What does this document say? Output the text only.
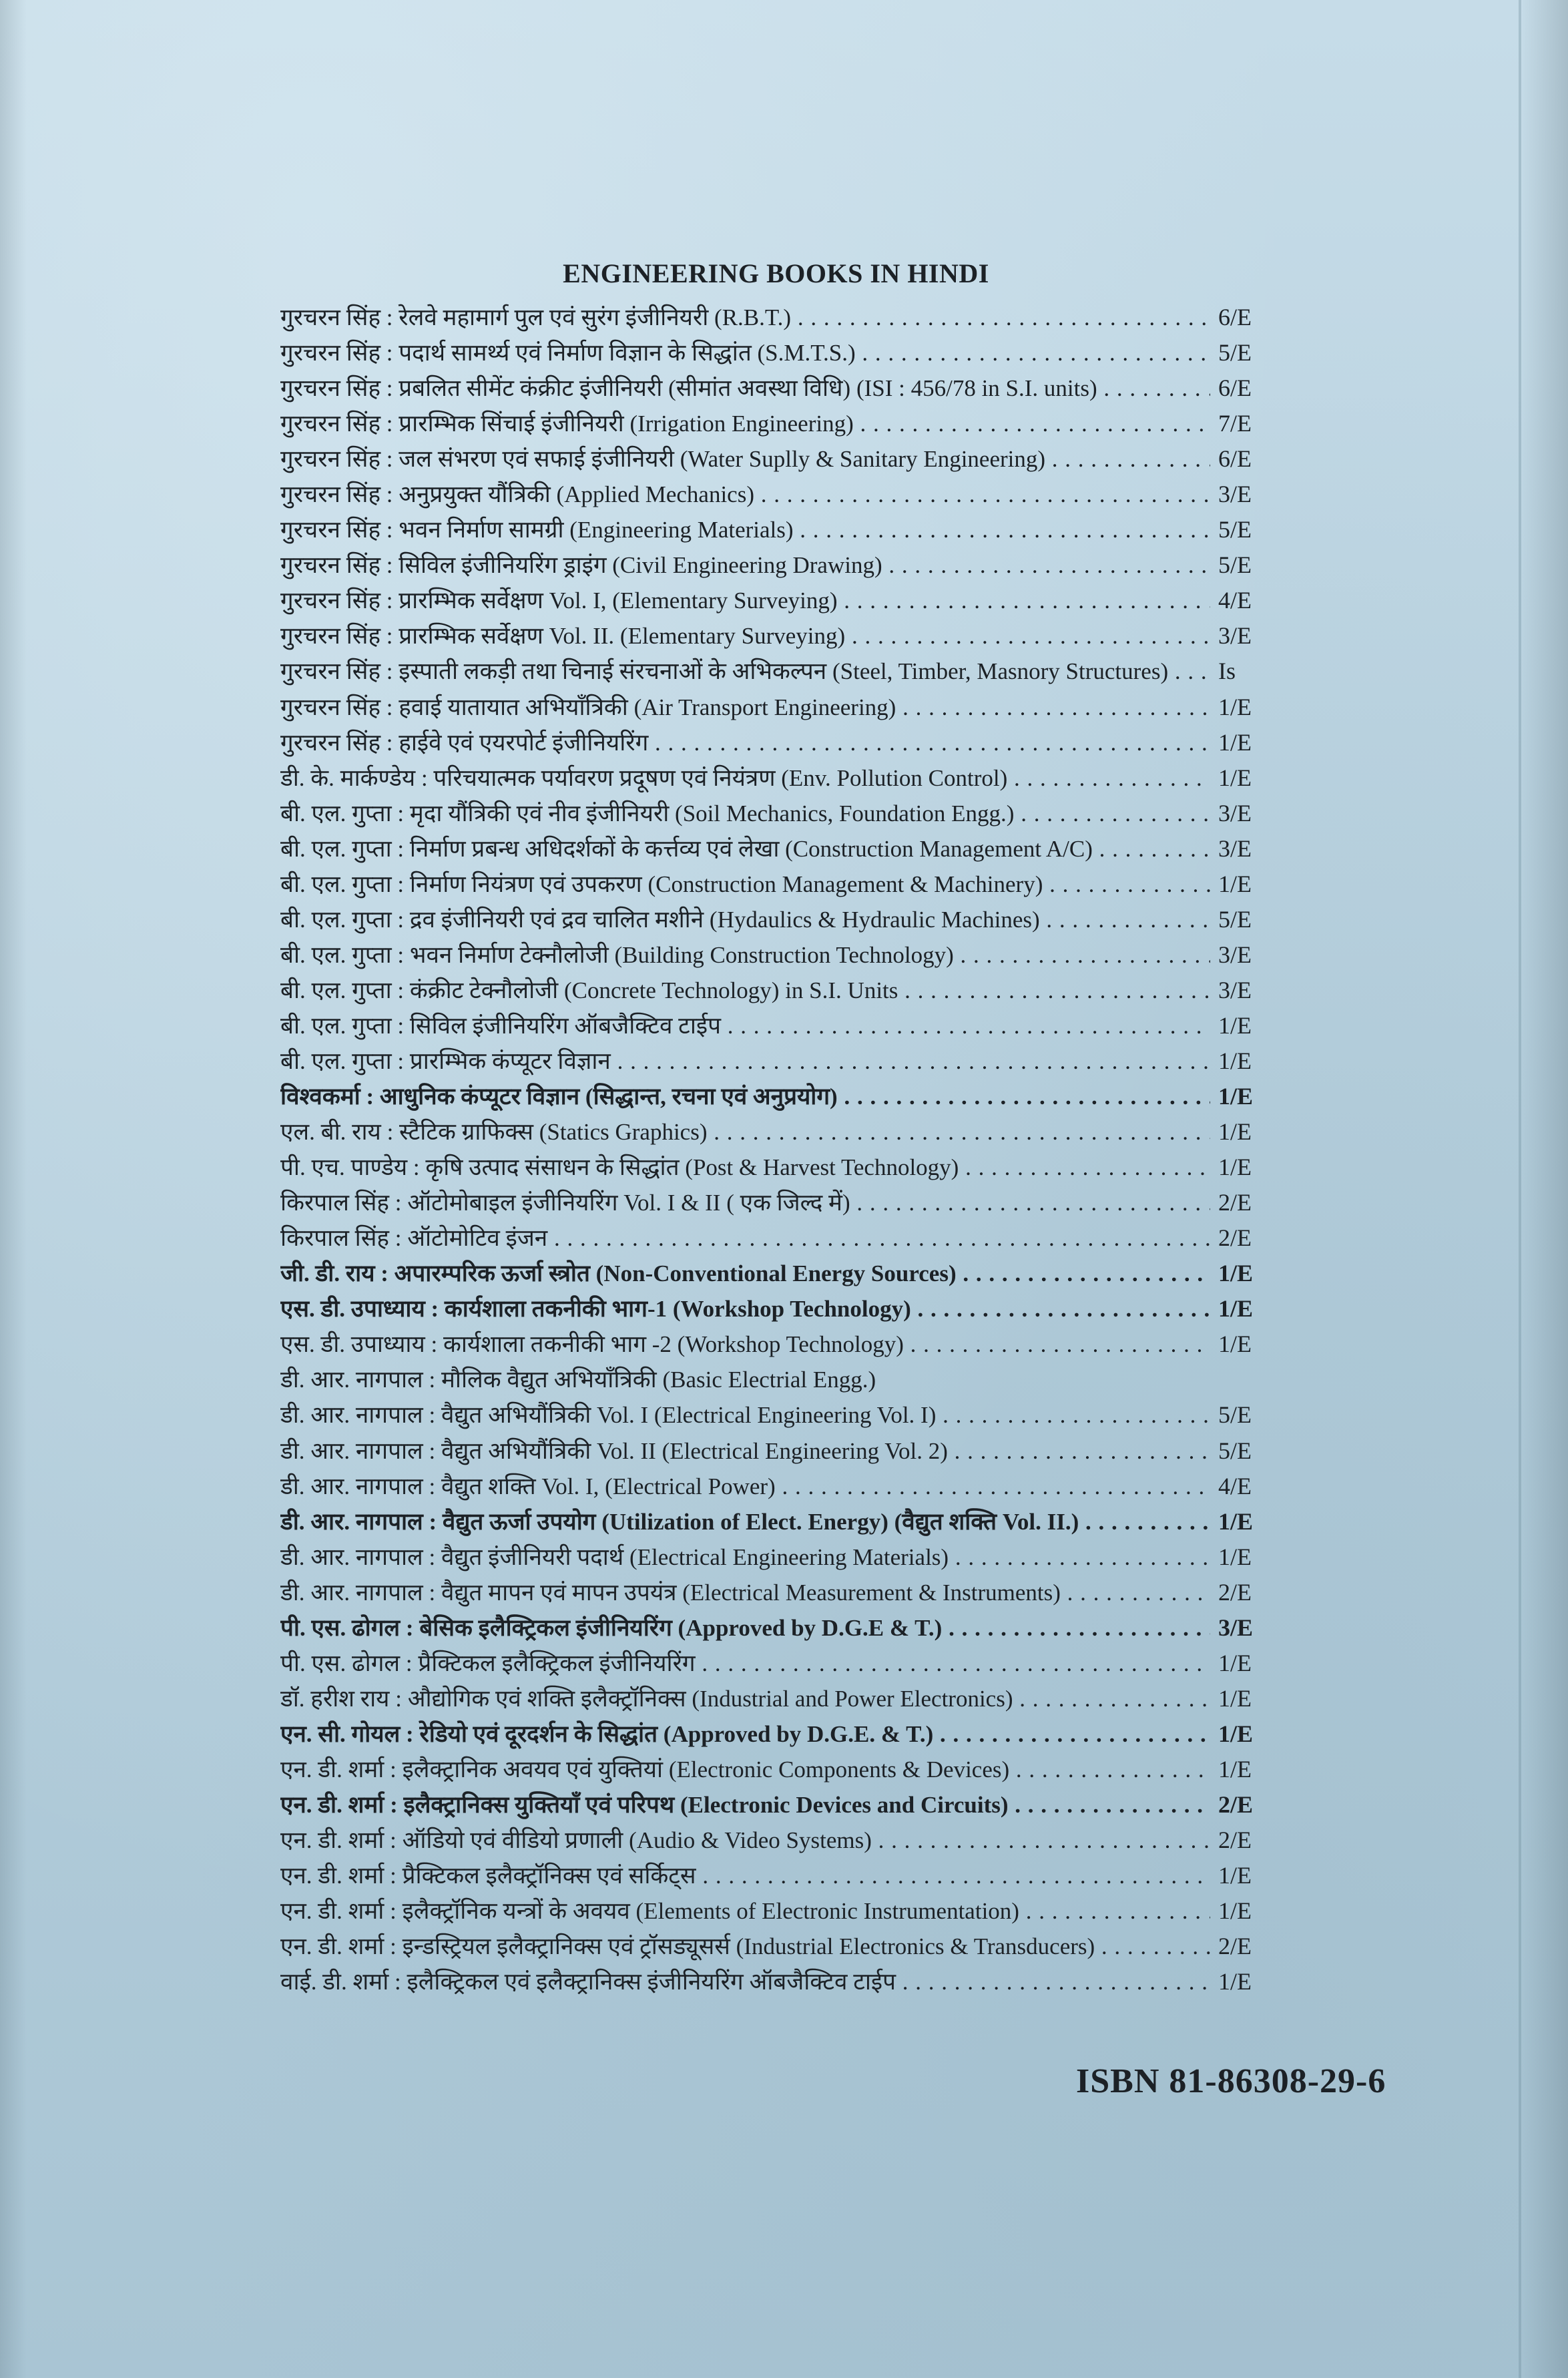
ENGINEERING BOOKS IN HINDI
गुरचरन सिंह : रेलवे महामार्ग पुल एवं सुरंग इंजीनियरी (R.B.T.) . . .	6/E
गुरचरन सिंह : पदार्थ सामर्थ्य एवं निर्माण विज्ञान के सिद्धांत (S.M.T.S.) . . .	5/E
गुरचरन सिंह : प्रबलित सीमेंट कंक्रीट इंजीनियरी (सीमांत अवस्था विधि) (ISI : 456/78 in S.I. units) . . .	6/E
गुरचरन सिंह : प्रारम्भिक सिंचाई इंजीनियरी (Irrigation Engineering) . . .	7/E
गुरचरन सिंह : जल संभरण एवं सफाई इंजीनियरी (Water Suplly & Sanitary Engineering) . . .	6/E
गुरचरन सिंह : अनुप्रयुक्त यौंत्रिकी (Applied Mechanics) . . .	3/E
गुरचरन सिंह : भवन निर्माण सामग्री (Engineering Materials) . . .	5/E
गुरचरन सिंह : सिविल इंजीनियरिंग ड्राइंग (Civil Engineering Drawing) . . .	5/E
गुरचरन सिंह : प्रारम्भिक सर्वेक्षण Vol. I, (Elementary Surveying) . . .	4/E
गुरचरन सिंह : प्रारम्भिक सर्वेक्षण Vol. II. (Elementary Surveying) . . .	3/E
गुरचरन सिंह : इस्पाती लकड़ी तथा चिनाई संरचनाओं के अभिकल्पन (Steel, Timber, Masnory Structures) . . .	Is
गुरचरन सिंह : हवाई यातायात अभियाँत्रिकी (Air Transport Engineering) . . .	1/E
गुरचरन सिंह : हाईवे एवं एयरपोर्ट इंजीनियरिंग . . .	1/E
डी. के. मार्कण्डेय : परिचयात्मक पर्यावरण प्रदूषण एवं नियंत्रण (Env. Pollution Control) . . .	1/E
बी. एल. गुप्ता : मृदा यौंत्रिकी एवं नीव इंजीनियरी (Soil Mechanics, Foundation Engg.) . . .	3/E
बी. एल. गुप्ता : निर्माण प्रबन्ध अधिदर्शकों के कर्त्तव्य एवं लेखा (Construction Management A/C) . . .	3/E
बी. एल. गुप्ता : निर्माण नियंत्रण एवं उपकरण (Construction Management & Machinery) . . .	1/E
बी. एल. गुप्ता : द्रव इंजीनियरी एवं द्रव चालित मशीने (Hydaulics & Hydraulic Machines) . . .	5/E
बी. एल. गुप्ता : भवन निर्माण टेक्नौलोजी (Building Construction Technology) . . .	3/E
बी. एल. गुप्ता : कंक्रीट टेक्नौलोजी (Concrete Technology) in S.I. Units . . .	3/E
बी. एल. गुप्ता : सिविल इंजीनियरिंग ऑबजैक्टिव टाईप . . .	1/E
बी. एल. गुप्ता : प्रारम्भिक कंप्यूटर विज्ञान . . .	1/E
विश्वकर्मा : आधुनिक कंप्यूटर विज्ञान (सिद्धान्त, रचना एवं अनुप्रयोग) . . .	1/E
एल. बी. राय : स्टैटिक ग्राफिक्स (Statics Graphics) . . .	1/E
पी. एच. पाण्डेय : कृषि उत्पाद संसाधन के सिद्धांत (Post & Harvest Technology) . . .	1/E
किरपाल सिंह : ऑटोमोबाइल इंजीनियरिंग Vol. I & II ( एक जिल्द में) . . .	2/E
किरपाल सिंह : ऑटोमोटिव इंजन . . .	2/E
जी. डी. राय : अपारम्परिक ऊर्जा स्त्रोत (Non-Conventional Energy Sources) . . .	1/E
एस. डी. उपाध्याय : कार्यशाला तकनीकी भाग-1 (Workshop Technology) . . .	1/E
एस. डी. उपाध्याय : कार्यशाला तकनीकी भाग -2 (Workshop Technology) . . .	1/E
डी. आर. नागपाल : मौलिक वैद्युत अभियाँत्रिकी (Basic Electrial Engg.)
डी. आर. नागपाल : वैद्युत अभियौंत्रिकी Vol. I (Electrical Engineering Vol. I) . . .	5/E
डी. आर. नागपाल : वैद्युत अभियौंत्रिकी Vol. II (Electrical Engineering Vol. 2) . . .	5/E
डी. आर. नागपाल : वैद्युत शक्ति Vol. I, (Electrical Power) . . .	4/E
डी. आर. नागपाल : वैद्युत ऊर्जा उपयोग (Utilization of Elect. Energy) (वैद्युत शक्ति Vol. II.) . . .	1/E
डी. आर. नागपाल : वैद्युत इंजीनियरी पदार्थ (Electrical Engineering Materials) . . .	1/E
डी. आर. नागपाल : वैद्युत मापन एवं मापन उपयंत्र (Electrical Measurement & Instruments) . . .	2/E
पी. एस. ढोगल : बेसिक इलैक्ट्रिकल इंजीनियरिंग (Approved by D.G.E & T.) . . .	3/E
पी. एस. ढोगल : प्रैक्टिकल इलैक्ट्रिकल इंजीनियरिंग . . .	1/E
डॉ. हरीश राय : औद्योगिक एवं शक्ति इलैक्ट्रॉनिक्स (Industrial and Power Electronics) . . .	1/E
एन. सी. गोयल : रेडियो एवं दूरदर्शन के सिद्धांत (Approved by D.G.E. & T.) . . .	1/E
एन. डी. शर्मा : इलैक्ट्रानिक अवयव एवं युक्तियां (Electronic Components & Devices) . . .	1/E
एन. डी. शर्मा : इलैक्ट्रानिक्स युक्तियाँ एवं परिपथ (Electronic Devices and Circuits) . . .	2/E
एन. डी. शर्मा : ऑडियो एवं वीडियो प्रणाली (Audio & Video Systems) . . .	2/E
एन. डी. शर्मा : प्रैक्टिकल इलैक्ट्रॉनिक्स एवं सर्किट्स . . .	1/E
एन. डी. शर्मा : इलैक्ट्रॉनिक यन्त्रों के अवयव (Elements of Electronic Instrumentation) . . .	1/E
एन. डी. शर्मा : इन्डस्ट्रियल इलैक्ट्रानिक्स एवं ट्रॉसड्यूसर्स (Industrial Electronics & Transducers) . . .	2/E
वाई. डी. शर्मा : इलैक्ट्रिकल एवं इलैक्ट्रानिक्स इंजीनियरिंग ऑबजैक्टिव टाईप . . .	1/E
ISBN 81-86308-29-6
